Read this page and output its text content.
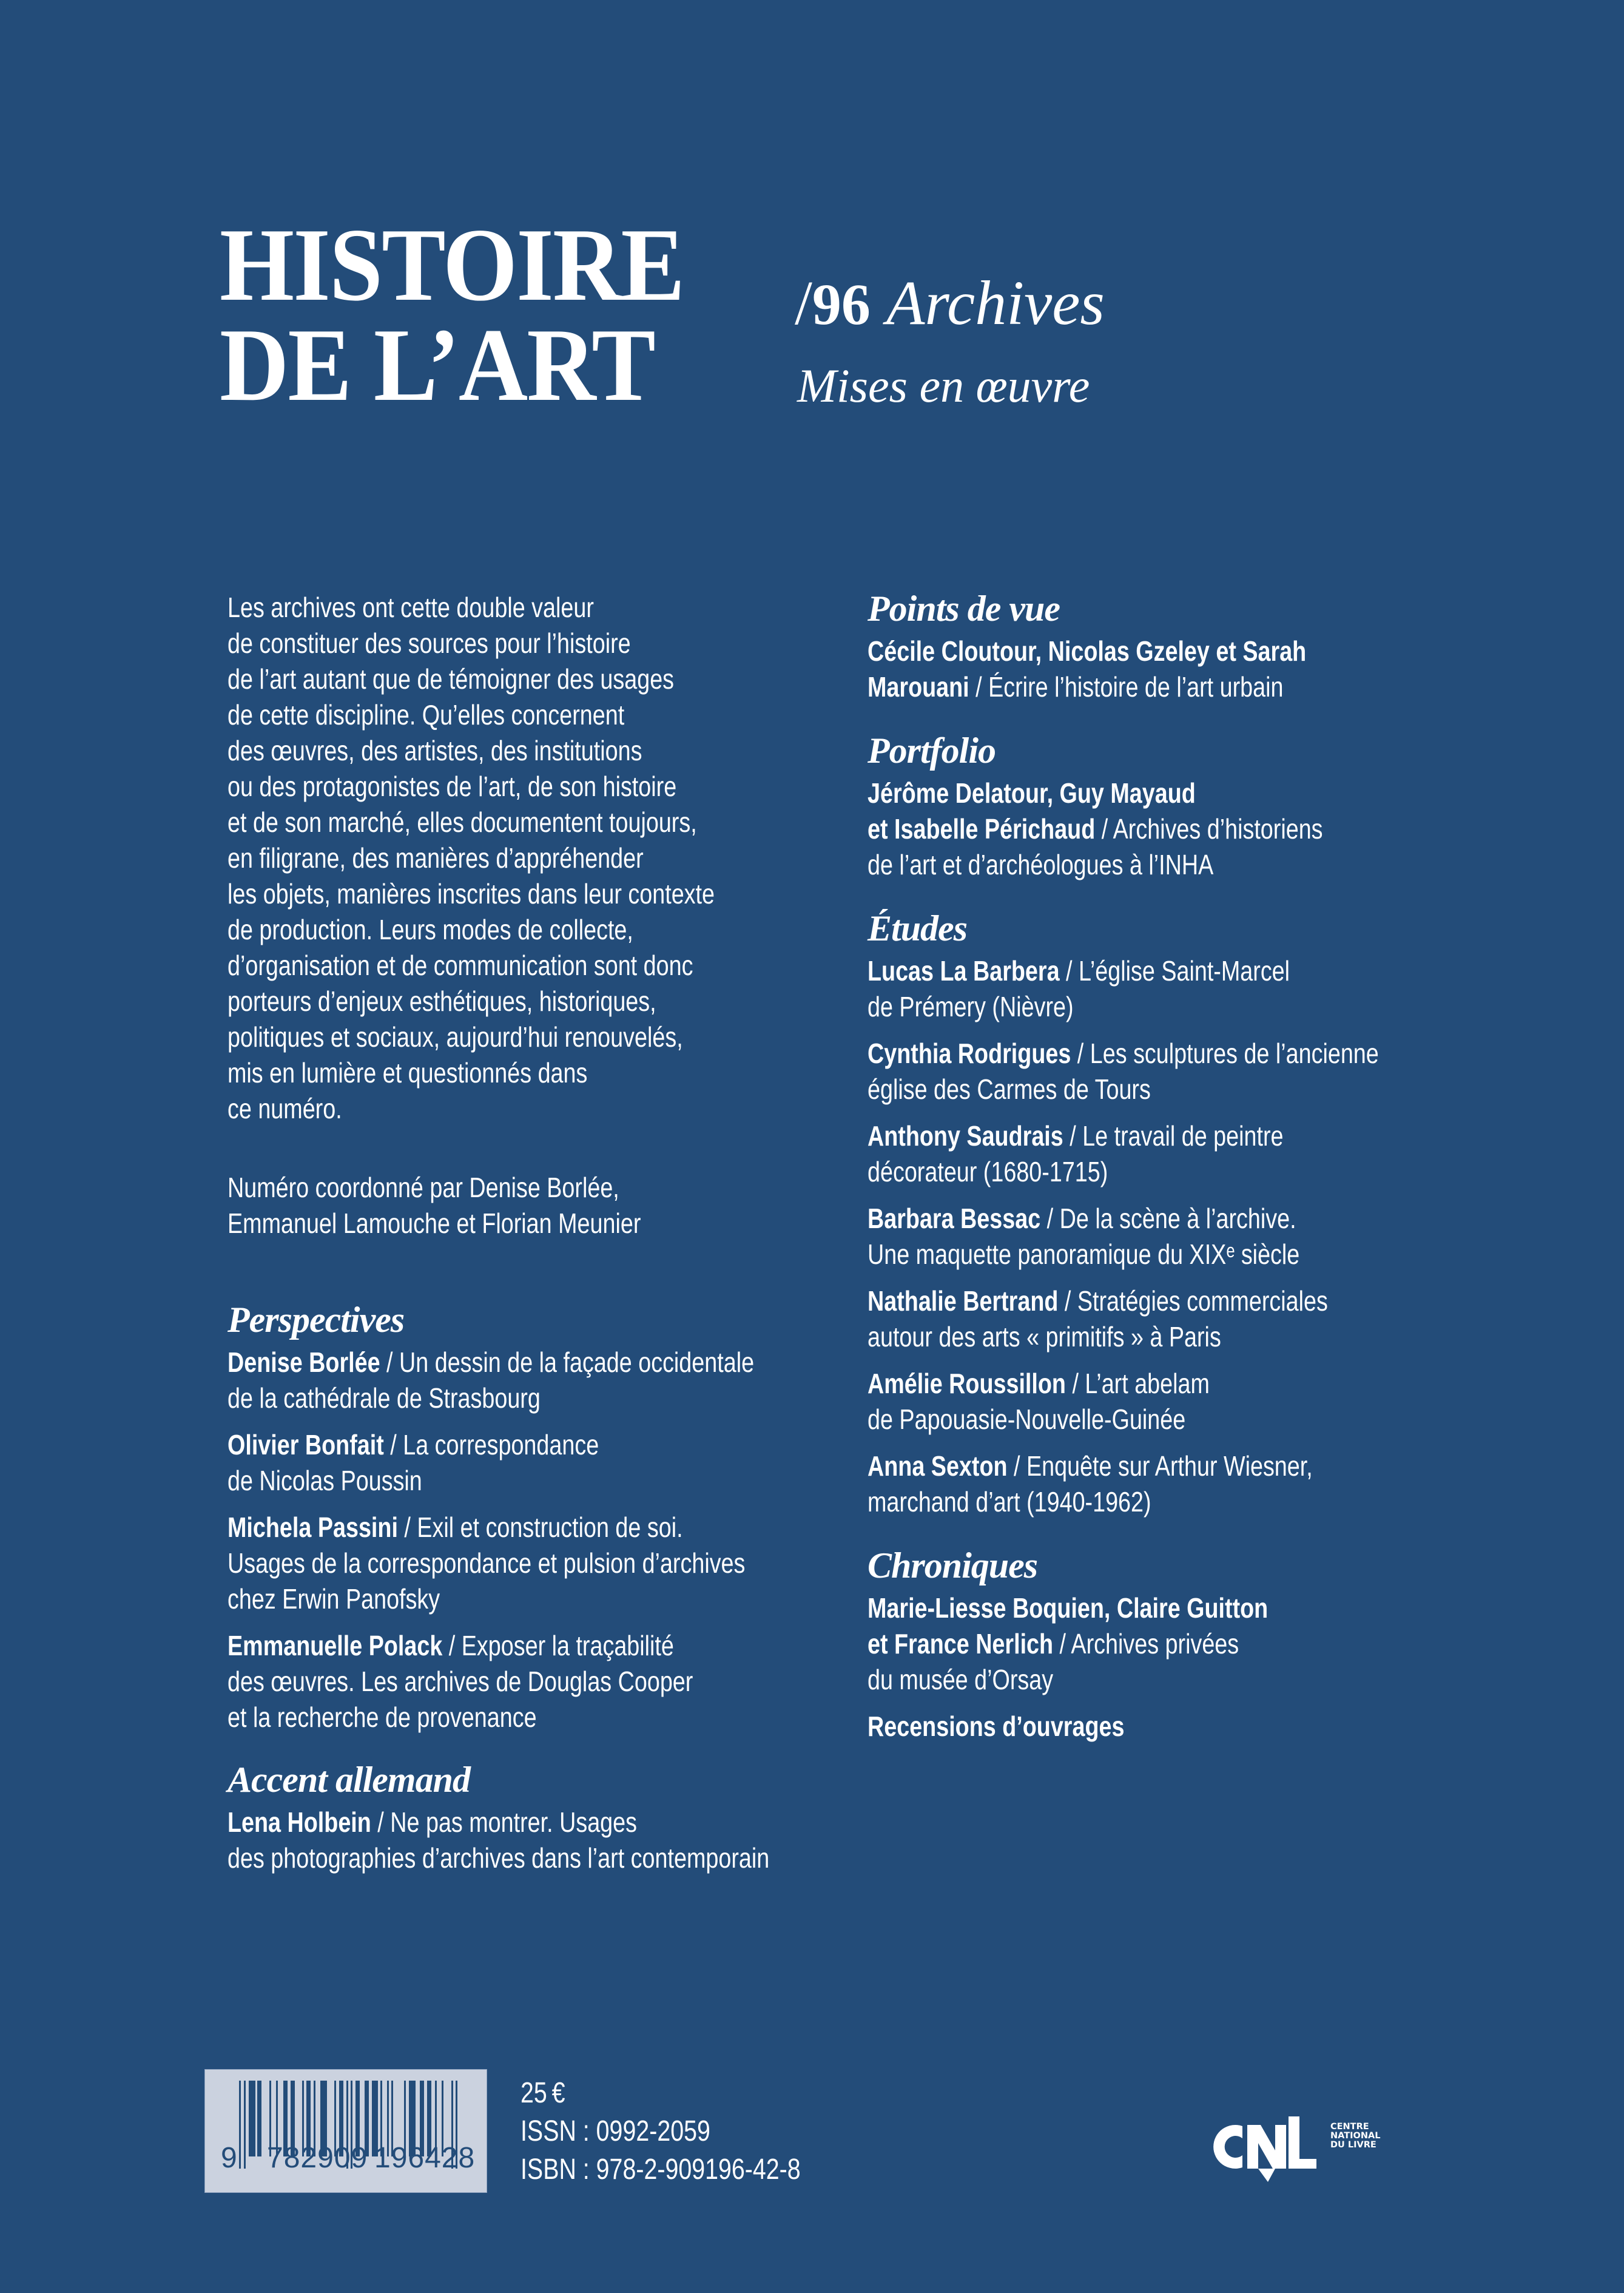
HISTOIRE
DE L’ART
/96 Archives
Mises en œuvre
Les archives ont cette double valeur
de constituer des sources pour l’histoire
de l’art autant que de témoigner des usages
de cette discipline. Qu’elles concernent
des œuvres, des artistes, des institutions
ou des protagonistes de l’art, de son histoire
et de son marché, elles documentent toujours,
en filigrane, des manières d’appréhender
les objets, manières inscrites dans leur contexte
de production. Leurs modes de collecte,
d’organisation et de communication sont donc
porteurs d’enjeux esthétiques, historiques,
politiques et sociaux, aujourd’hui renouvelés,
mis en lumière et questionnés dans
ce numéro.
Numéro coordonné par Denise Borlée,
Emmanuel Lamouche et Florian Meunier
Perspectives
Denise Borlée / Un dessin de la façade occidentale
de la cathédrale de Strasbourg
Olivier Bonfait / La correspondance
de Nicolas Poussin
Michela Passini / Exil et construction de soi.
Usages de la correspondance et pulsion d’archives
chez Erwin Panofsky
Emmanuelle Polack / Exposer la traçabilité
des œuvres. Les archives de Douglas Cooper
et la recherche de provenance
Accent allemand
Lena Holbein / Ne pas montrer. Usages
des photographies d’archives dans l’art contemporain
Points de vue
Cécile Cloutour, Nicolas Gzeley et Sarah
Marouani / Écrire l’histoire de l’art urbain
Portfolio
Jérôme Delatour, Guy Mayaud
et Isabelle Périchaud / Archives d’historiens
de l’art et d’archéologues à l’INHA
Études
Lucas La Barbera / L’église Saint-Marcel
de Prémery (Nièvre)
Cynthia Rodrigues / Les sculptures de l’ancienne
église des Carmes de Tours
Anthony Saudrais / Le travail de peintre
décorateur (1680-1715)
Barbara Bessac / De la scène à l’archive.
Une maquette panoramique du XIXᵉ siècle
Nathalie Bertrand / Stratégies commerciales
autour des arts « primitifs » à Paris
Amélie Roussillon / L’art abelam
de Papouasie-Nouvelle-Guinée
Anna Sexton / Enquête sur Arthur Wiesner,
marchand d’art (1940-1962)
Chroniques
Marie-Liesse Boquien, Claire Guitton
et France Nerlich / Archives privées
du musée d’Orsay
Recensions d’ouvrages
9 782909 196428
25 €
ISSN : 0992-2059
ISBN : 978-2-909196-42-8
CENTRE
NATIONAL
DU LIVRE
